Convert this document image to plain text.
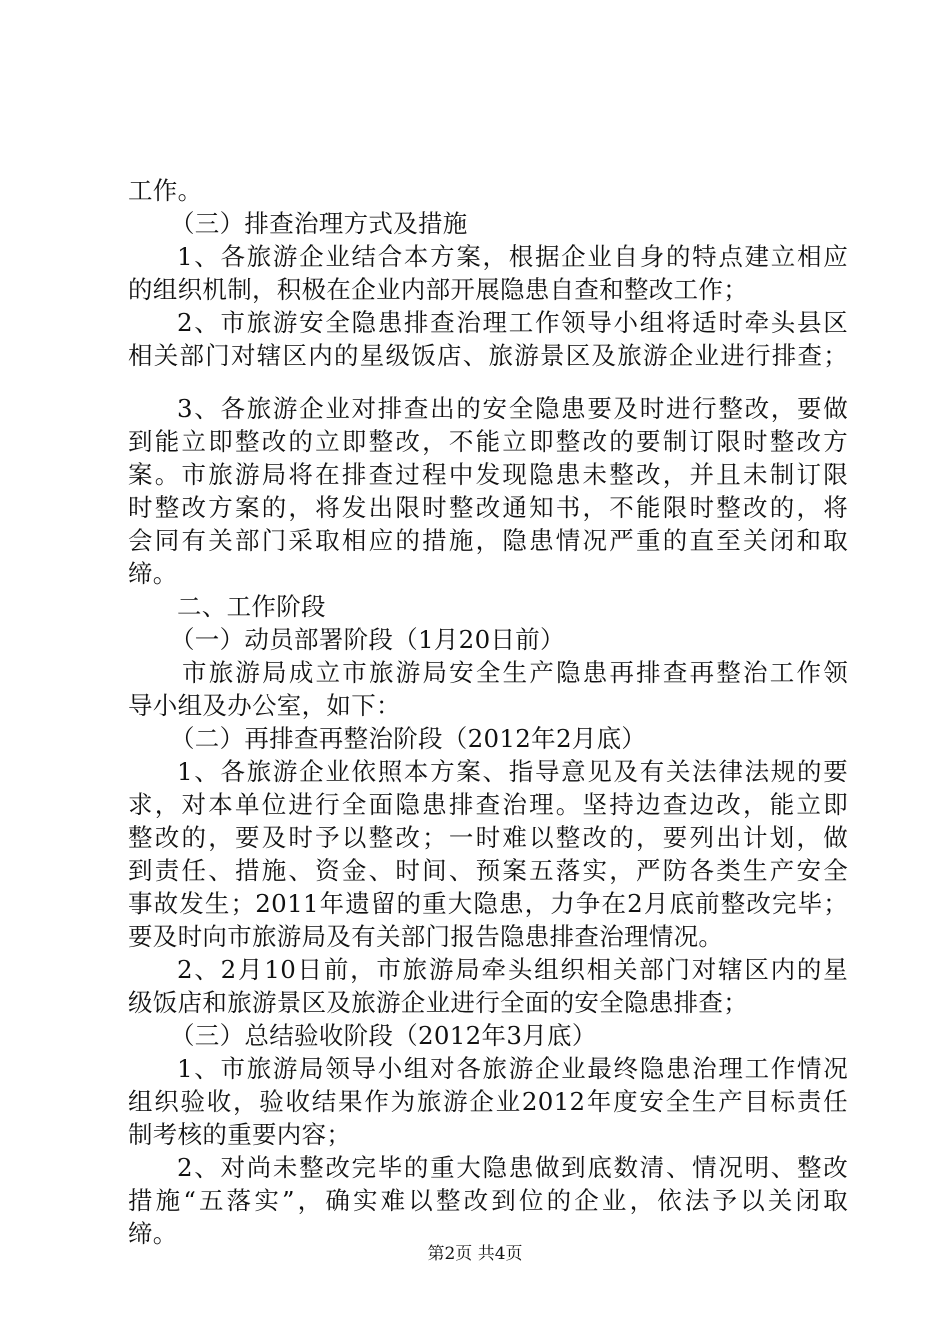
工作。

（三）排查治理方式及措施

1、各旅游企业结合本方案，根据企业自身的特点建立相应

的组织机制，积极在企业内部开展隐患自查和整改工作；

2、市旅游安全隐患排查治理工作领导小组将适时牵头县区

相关部门对辖区内的星级饭店、旅游景区及旅游企业进行排查；

3、各旅游企业对排查出的安全隐患要及时进行整改，要做

到能立即整改的立即整改，不能立即整改的要制订限时整改方

案。市旅游局将在排查过程中发现隐患未整改，并且未制订限

时整改方案的，将发出限时整改通知书，不能限时整改的，将

会同有关部门采取相应的措施，隐患情况严重的直至关闭和取

缔。

二、工作阶段

（一）动员部署阶段（1月20日前）

市旅游局成立市旅游局安全生产隐患再排查再整治工作领

导小组及办公室，如下：

（二）再排查再整治阶段（2012年2月底）

1、各旅游企业依照本方案、指导意见及有关法律法规的要

求，对本单位进行全面隐患排查治理。坚持边查边改，能立即

整改的，要及时予以整改；一时难以整改的，要列出计划，做

到责任、措施、资金、时间、预案五落实，严防各类生产安全

事故发生；2011年遗留的重大隐患，力争在2月底前整改完毕；

要及时向市旅游局及有关部门报告隐患排查治理情况。

2、2月10日前，市旅游局牵头组织相关部门对辖区内的星

级饭店和旅游景区及旅游企业进行全面的安全隐患排查；

（三）总结验收阶段（2012年3月底）

1、市旅游局领导小组对各旅游企业最终隐患治理工作情况

组织验收，验收结果作为旅游企业2012年度安全生产目标责任

制考核的重要内容；

2、对尚未整改完毕的重大隐患做到底数清、情况明、整改

措施“五落实”，确实难以整改到位的企业，依法予以关闭取

缔。

第2页 共4页
